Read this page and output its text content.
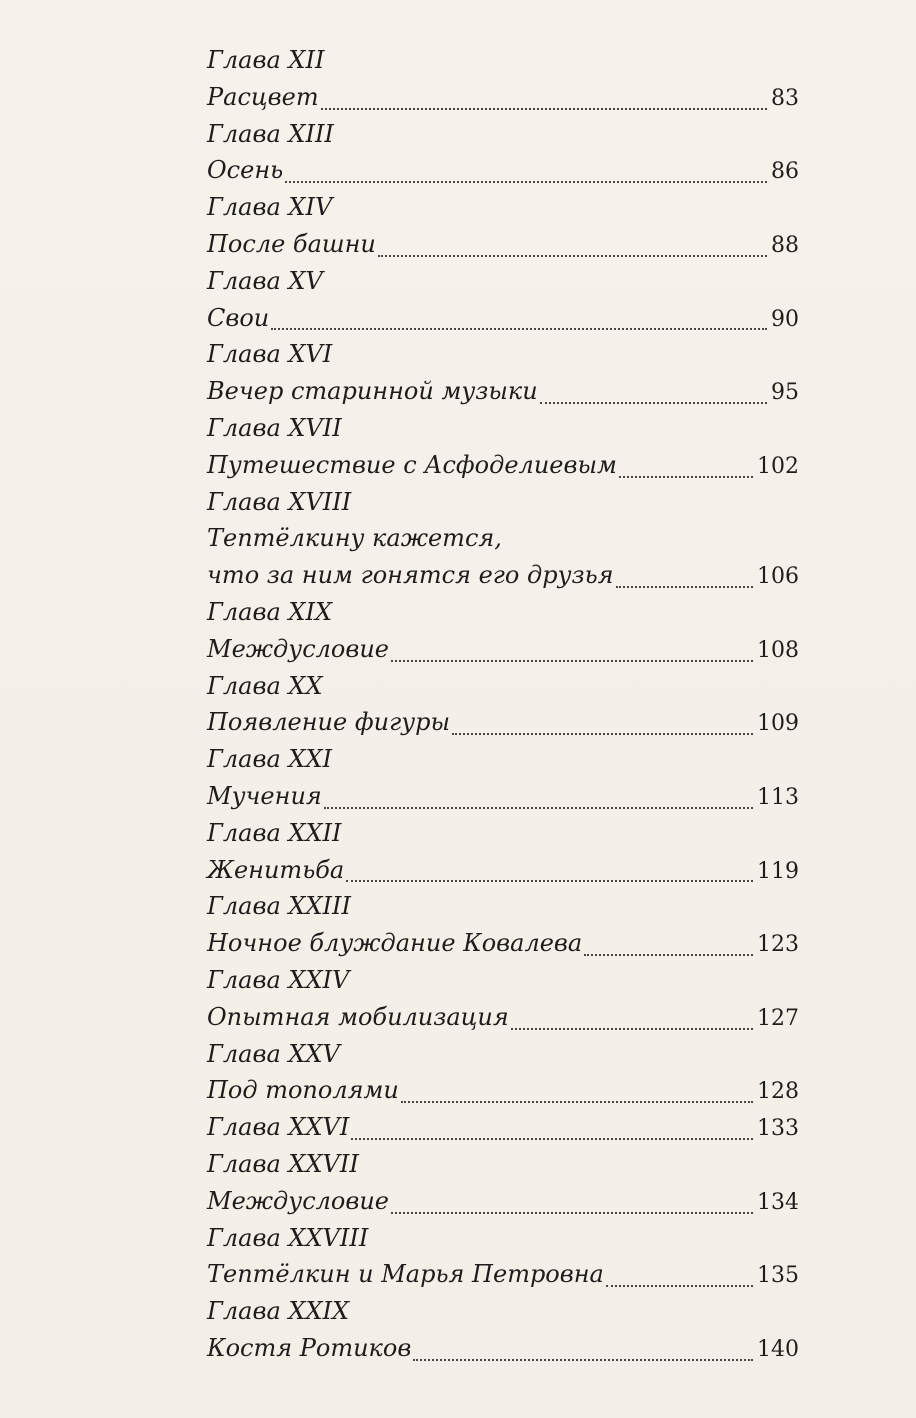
Глава XII
Расцвет	83
Глава XIII
Осень	86
Глава XIV
После башни	88
Глава XV
Свои	90
Глава XVI
Вечер старинной музыки	95
Глава XVII
Путешествие с Асфоделиевым	102
Глава XVIII
Тептёлкину кажется,
что за ним гонятся его друзья	106
Глава XIX
Междусловие	108
Глава XX
Появление фигуры	109
Глава XXI
Мучения	113
Глава XXII
Женитьба	119
Глава XXIII
Ночное блуждание Ковалева	123
Глава XXIV
Опытная мобилизация	127
Глава XXV
Под тополями	128
Глава XXVI	133
Глава XXVII
Междусловие	134
Глава XXVIII
Тептёлкин и Марья Петровна	135
Глава XXIX
Костя Ротиков	140
